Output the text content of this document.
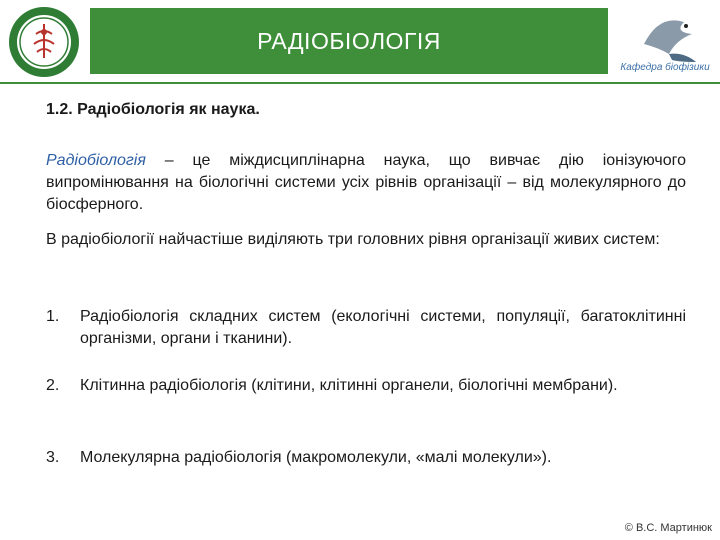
РАДІОБІОЛОГІЯ
Кафедра біофізики
1.2. Радіобіологія як наука.
Радіобіологія – це міждисциплінарна наука, що вивчає дію іонізуючого випромінювання на біологічні системи усіх рівнів організації – від молекулярного до біосферного.
В радіобіології найчастіше виділяють три головних рівня організації живих систем:
1.	Радіобіологія складних систем (екологічні системи, популяції, багатоклітинні організми, органи і тканини).
2.	Клітинна радіобіологія (клітини, клітинні органели, біологічні мембрани).
3.	Молекулярна радіобіологія (макромолекули, «малі молекули»).
© В.С. Мартинюк
